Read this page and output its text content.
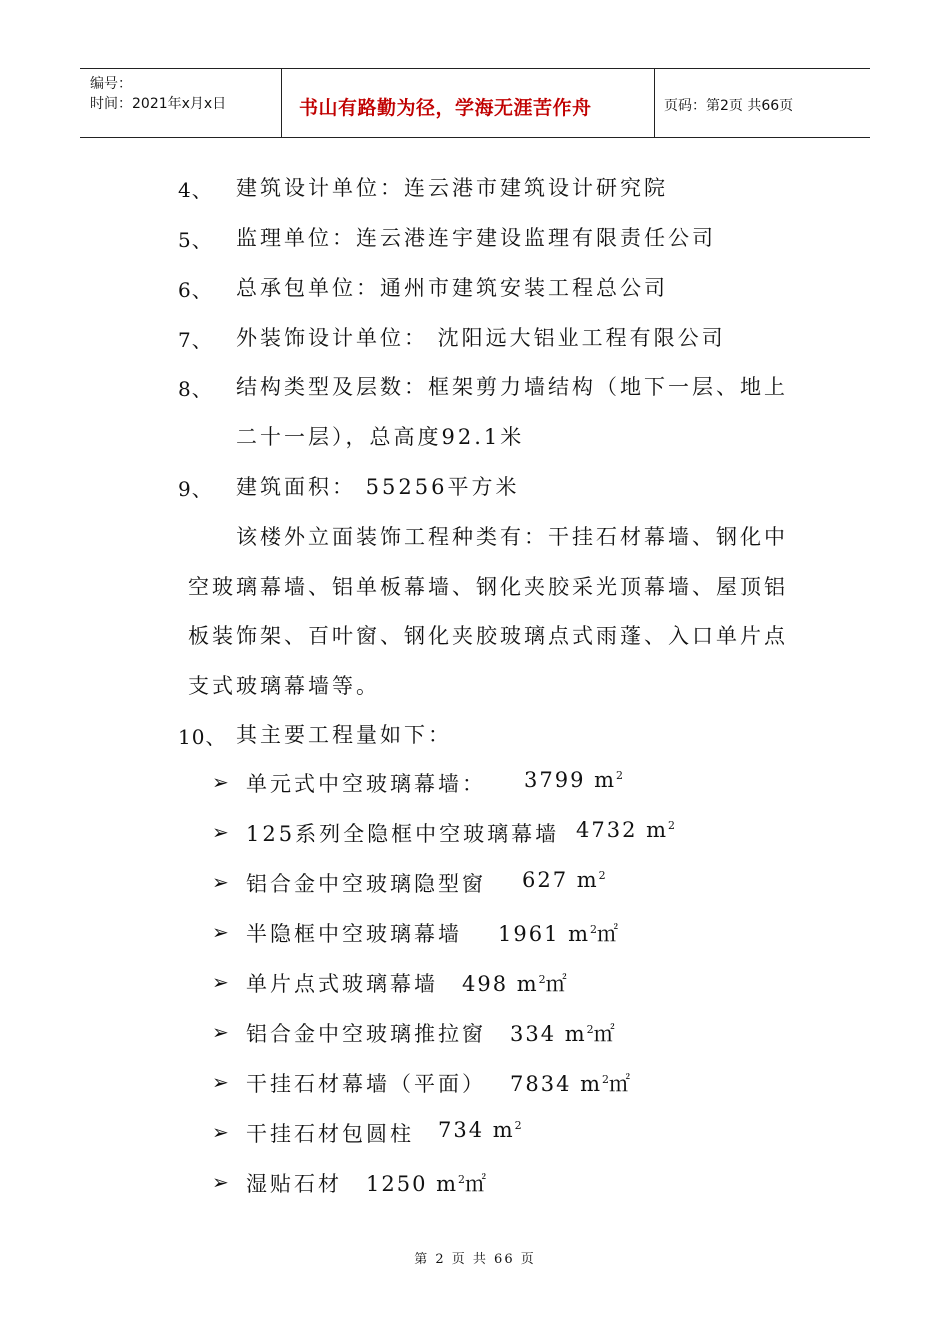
编号：
时间：2021年x月x日	书山有路勤为径，学海无涯苦作舟	页码：第2页 共66页
4、 建筑设计单位：连云港市建筑设计研究院
5、 监理单位：连云港连宇建设监理有限责任公司
6、 总承包单位：通州市建筑安装工程总公司
7、 外装饰设计单位： 沈阳远大铝业工程有限公司
8、 结构类型及层数：框架剪力墙结构（地下一层、地上
二十一层），总高度92.1米
9、 建筑面积： 55256平方米
该楼外立面装饰工程种类有：干挂石材幕墙、钢化中
空玻璃幕墙、铝单板幕墙、钢化夹胶采光顶幕墙、屋顶铝
板装饰架、百叶窗、钢化夹胶玻璃点式雨蓬、入口单片点
支式玻璃幕墙等。
10、 其主要工程量如下：
➢ 单元式中空玻璃幕墙： 3799 $m^2$
➢ 125系列全隐框中空玻璃幕墙 4732 $m^2$
➢ 铝合金中空玻璃隐型窗 627 $m^2$
➢ 半隐框中空玻璃幕墙 1961 $m^2㎡$
➢ 单片点式玻璃幕墙 498 $m^2㎡$
➢ 铝合金中空玻璃推拉窗 334 $m^2㎡$
➢ 干挂石材幕墙（平面） 7834 $m^2㎡$
➢ 干挂石材包圆柱 734 $m^2$
➢ 湿贴石材 1250 $m^2㎡$
第 2 页 共 66 页
